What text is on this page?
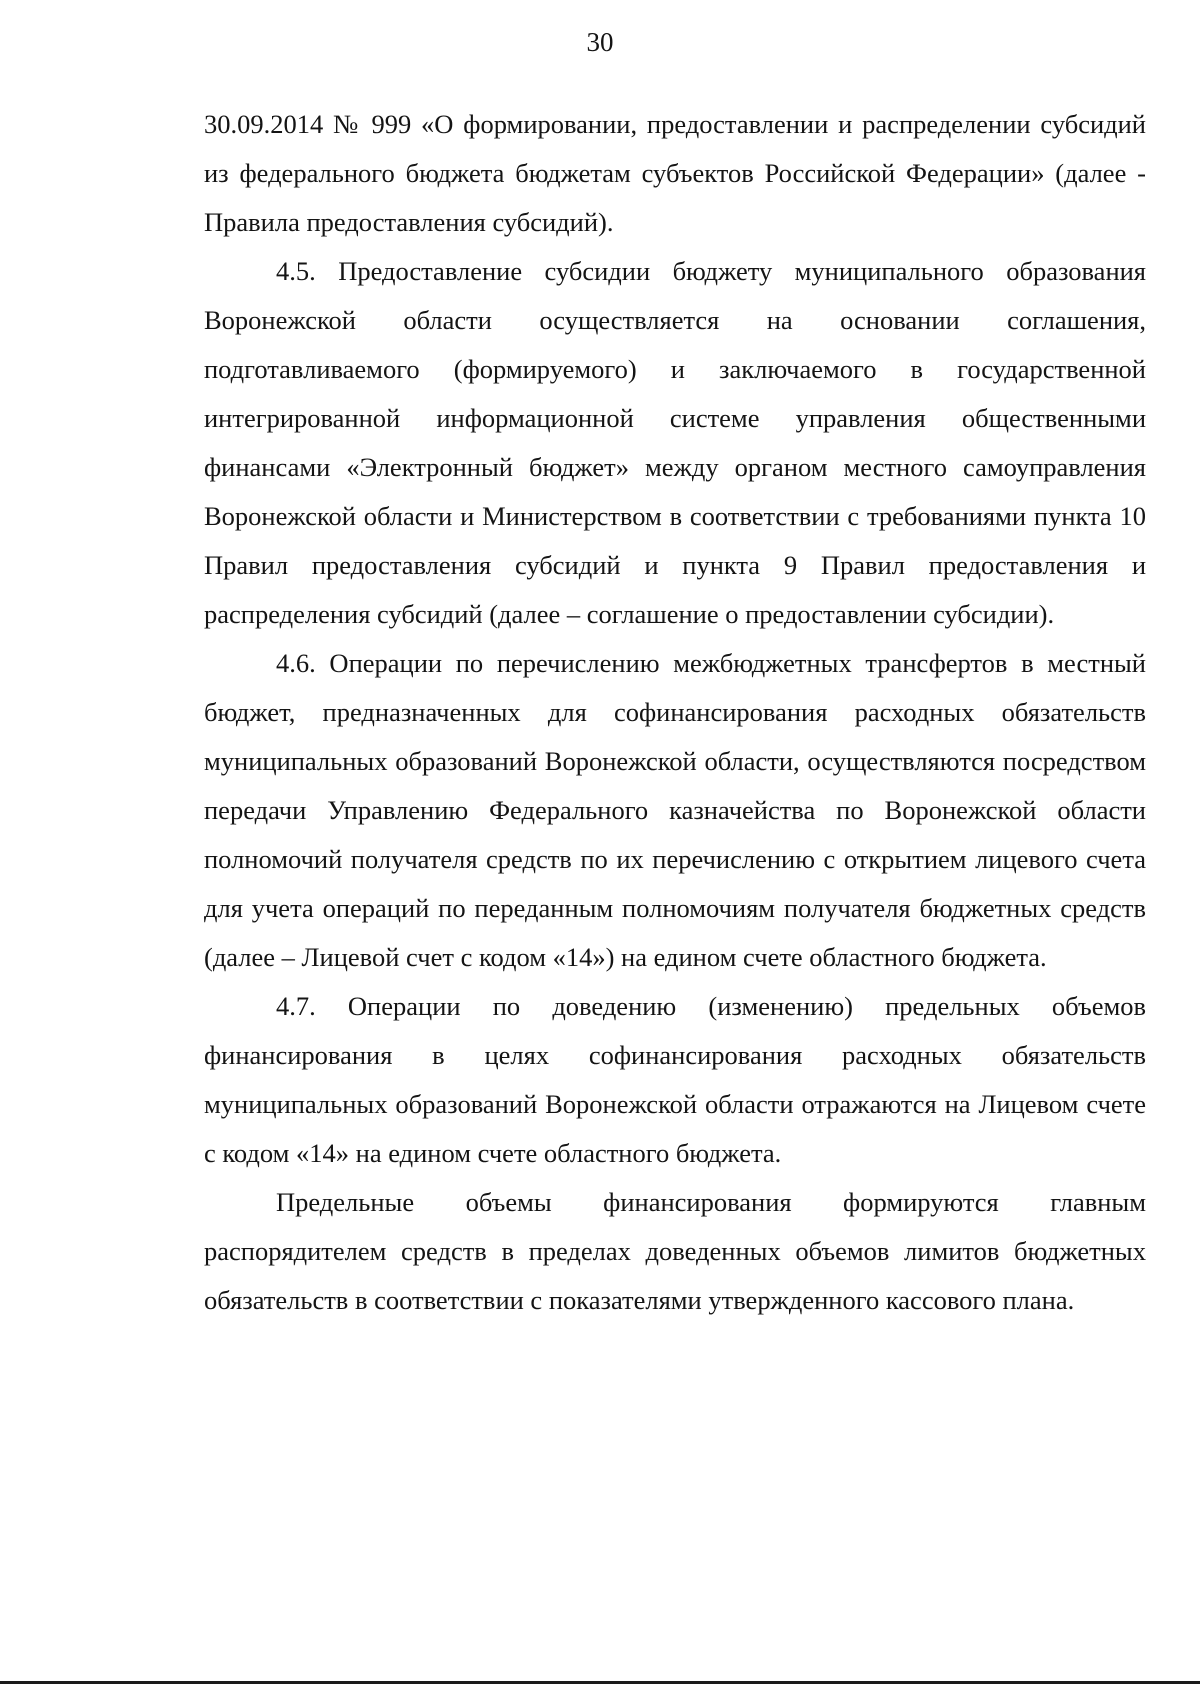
30

30.09.2014 № 999 «О формировании, предоставлении и распределении субсидий из федерального бюджета бюджетам субъектов Российской Федерации» (далее - Правила предоставления субсидий).

4.5. Предоставление субсидии бюджету муниципального образования Воронежской области осуществляется на основании соглашения, подготавливаемого (формируемого) и заключаемого в государственной интегрированной информационной системе управления общественными финансами «Электронный бюджет» между органом местного самоуправления Воронежской области и Министерством в соответствии с требованиями пункта 10 Правил предоставления субсидий и пункта 9 Правил предоставления и распределения субсидий (далее – соглашение о предоставлении субсидии).

4.6. Операции по перечислению межбюджетных трансфертов в местный бюджет, предназначенных для софинансирования расходных обязательств муниципальных образований Воронежской области, осуществляются посредством передачи Управлению Федерального казначейства по Воронежской области полномочий получателя средств по их перечислению с открытием лицевого счета для учета операций по переданным полномочиям получателя бюджетных средств (далее – Лицевой счет с кодом «14») на едином счете областного бюджета.

4.7. Операции по доведению (изменению) предельных объемов финансирования в целях софинансирования расходных обязательств муниципальных образований Воронежской области отражаются на Лицевом счете с кодом «14» на едином счете областного бюджета.

Предельные объемы финансирования формируются главным распорядителем средств в пределах доведенных объемов лимитов бюджетных обязательств в соответствии с показателями утвержденного кассового плана.
